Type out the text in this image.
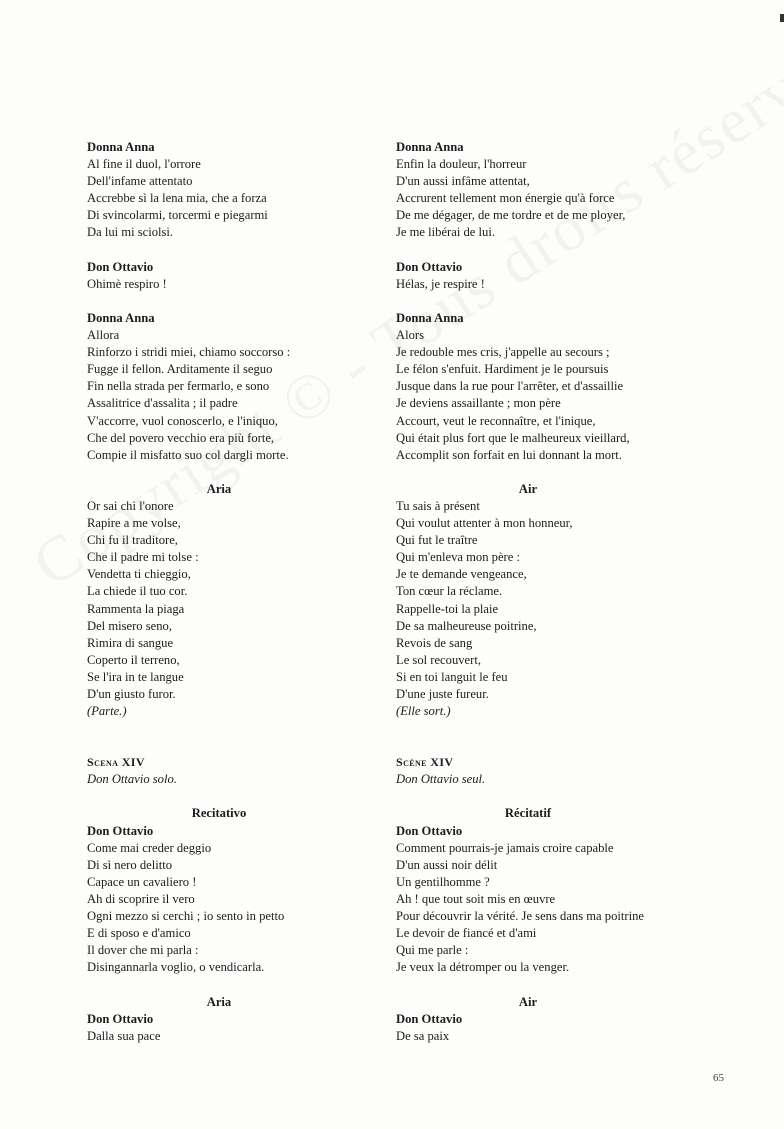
Donna Anna
Al fine il duol, l'orrore
Dell'infame attentato
Accrebbe sì la lena mia, che a forza
Di svincolarmi, torcermi e piegarmi
Da lui mi sciolsi.
Don Ottavio
Ohimè respiro !
Donna Anna
Allora
Rinforzo i stridi miei, chiamo soccorso :
Fugge il fellon. Arditamente il seguo
Fin nella strada per fermarlo, e sono
Assalitrice d'assalita ; il padre
V'accorre, vuol conoscerlo, e l'iniquo,
Che del povero vecchio era più forte,
Compie il misfatto suo col dargli morte.
Aria
Or sai chi l'onore
Rapire a me volse,
Chi fu il traditore,
Che il padre mi tolse :
Vendetta ti chieggio,
La chiede il tuo cor.
Rammenta la piaga
Del misero seno,
Rimira di sangue
Coperto il terreno,
Se l'ira in te langue
D'un giusto furor.
(Parte.)
Scena XIV
Don Ottavio solo.
Recitativo
Don Ottavio
Come mai creder deggio
Di sì nero delitto
Capace un cavaliero !
Ah di scoprire il vero
Ogni mezzo si cerchi ; io sento in petto
E di sposo e d'amico
Il dover che mi parla :
Disingannarla voglio, o vendicarla.
Aria
Don Ottavio
Dalla sua pace
Donna Anna
Enfin la douleur, l'horreur
D'un aussi infâme attentat,
Accrurent tellement mon énergie qu'à force
De me dégager, de me tordre et de me ployer,
Je me libérai de lui.
Don Ottavio
Hélas, je respire !
Donna Anna
Alors
Je redouble mes cris, j'appelle au secours ;
Le félon s'enfuit. Hardiment je le poursuis
Jusque dans la rue pour l'arrêter, et d'assaillie
Je deviens assaillante ; mon père
Accourt, veut le reconnaître, et l'inique,
Qui était plus fort que le malheureux vieillard,
Accomplit son forfait en lui donnant la mort.
Air
Tu sais à présent
Qui voulut attenter à mon honneur,
Qui fut le traître
Qui m'enleva mon père :
Je te demande vengeance,
Ton cœur la réclame.
Rappelle-toi la plaie
De sa malheureuse poitrine,
Revois de sang
Le sol recouvert,
Si en toi languit le feu
D'une juste fureur.
(Elle sort.)
Scène XIV
Don Ottavio seul.
Récitatif
Don Ottavio
Comment pourrais-je jamais croire capable
D'un aussi noir délit
Un gentilhomme ?
Ah ! que tout soit mis en œuvre
Pour découvrir la vérité. Je sens dans ma poitrine
Le devoir de fiancé et d'ami
Qui me parle :
Je veux la détromper ou la venger.
Air
Don Ottavio
De sa paix
65
